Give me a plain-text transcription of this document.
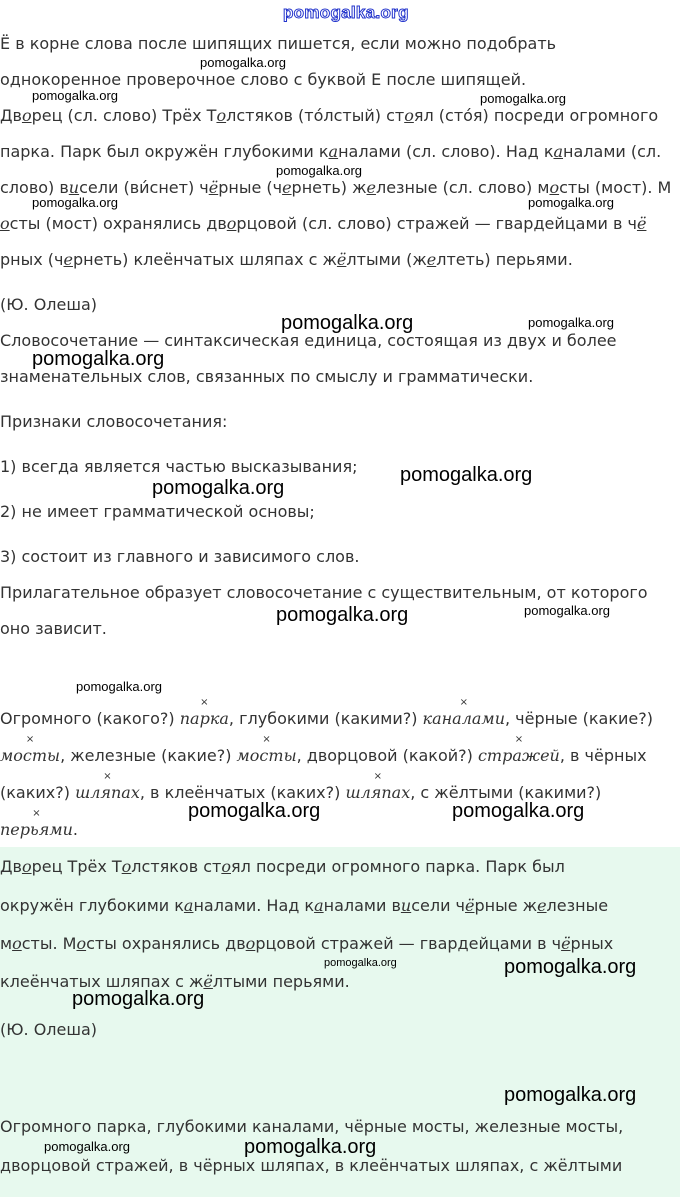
Ё в корне слова после шипящих пишется, если можно подобрать
однокоренное проверочное слово с буквой Е после шипящей.
Дворец (сл. слово) Трёх Толстяков (то́лстый) стоял (сто́я) посреди огромного
парка. Парк был окружён глубокими каналами (сл. слово). Над каналами (сл.
слово) висели (ви́снет) чёрные (чернеть) железные (сл. слово) мосты (мост). М
осты (мост) охранялись дворцовой (сл. слово) стражей — гвардейцами в чё
рных (чернеть) клеёнчатых шляпах с жёлтыми (желтеть) перьями.
(Ю. Олеша)
Словосочетание — синтаксическая единица, состоящая из двух и более
знаменательных слов, связанных по смыслу и грамматически.
Признаки словосочетания:
1) всегда является частью высказывания;
2) не имеет грамматической основы;
3) состоит из главного и зависимого слов.
Прилагательное образует словосочетание с существительным, от которого
оно зависит.
Огромного (какого?)
×
парка, глубокими (какими?)
×
каналами, чёрные (какие?)
×
мосты, железные (какие?)
×
мосты, дворцовой (какой?)
×
стражей, в чёрных
(каких?)
×
шляпах, в клеёнчатых (каких?)
×
шляпах, с жёлтыми (какими?)
×
перьями.
Дворец Трёх Толстяков стоял посреди огромного парка. Парк был
окружён глубокими каналами. Над каналами висели чёрные железные
мосты. Мосты охранялись дворцовой стражей — гвардейцами в чёрных
клеёнчатых шляпах с жёлтыми перьями.
(Ю. Олеша)
Огромного парка, глубокими каналами, чёрные мосты, железные мосты,
дворцовой стражей, в чёрных шляпах, в клеёнчатых шляпах, с жёлтыми
pomogalka.org
pomogalka.org
pomogalka.org	pomogalka.org
pomogalka.org
pomogalka.org	pomogalka.org
pomogalka.org	pomogalka.org
pomogalka.org
pomogalka.org
pomogalka.org
pomogalka.org	pomogalka.org
pomogalka.org
pomogalka.org	pomogalka.org
pomogalka.org	pomogalka.org
pomogalka.org
pomogalka.org
pomogalka.org	pomogalka.org
